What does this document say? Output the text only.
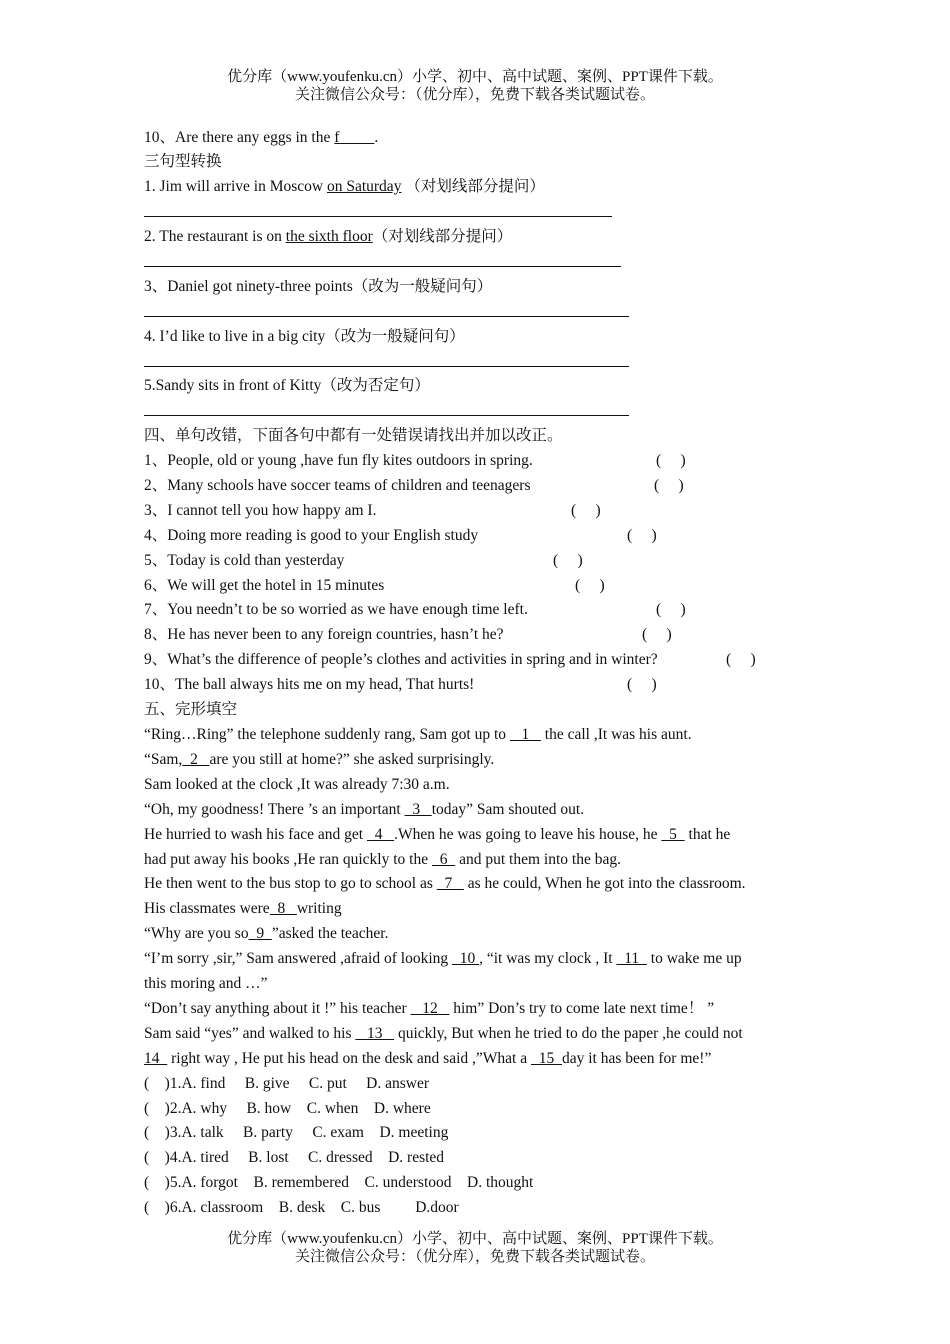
优分库（www.youfenku.cn）小学、初中、高中试题、案例、PPT课件下载。
关注微信公众号：（优分库），免费下载各类试题试卷。
10、Are there any eggs in the f　　 .
三句型转换
1. Jim will arrive in Moscow on Saturday （对划线部分提问）
2. The restaurant is on the sixth floor（对划线部分提问）
3、Daniel got ninety-three points（改为一般疑问句）
4. I’d like to live in a big city（改为一般疑问句）
5.Sandy sits in front of Kitty（改为否定句）
四、单句改错，下面各句中都有一处错误请找出并加以改正。
1、People, old or young ,have fun fly kites outdoors in spring.	(　 )
2、Many schools have soccer teams of children and teenagers	(　 )
3、I cannot tell you how happy am I.	(　 )
4、Doing more reading is good to your English study	(　 )
5、Today is cold than yesterday	(　 )
6、We will get the hotel in 15 minutes	(　 )
7、You needn’t to be so worried as we have enough time left.	(　 )
8、He has never been to any foreign countries, hasn’t he?	(　 )
9、What’s the difference of people’s clothes and activities in spring and in winter?	(　 )
10、The ball always hits me on my head, That hurts!	(　 )
五、完形填空
“Ring…Ring” the telephone suddenly rang, Sam got up to    1    the call ,It was his aunt.
“Sam,  2   are you still at home?” she asked surprisingly.
Sam looked at the clock ,It was already 7:30 a.m.
“Oh, my goodness! There ’s an important   3   today” Sam shouted out.
He hurried to wash his face and get   4   .When he was going to leave his house, he   5   that he
had put away his books ,He ran quickly to the   6   and put them into the bag.
He then went to the bus stop to go to school as   7    as he could, When he got into the classroom.
His classmates were  8   writing
“Why are you so  9  ”asked the teacher.
“I’m sorry ,sir,” Sam answered ,afraid of looking   10 , “it was my clock , It   11   to wake me up
this moring and …”
“Don’t say anything about it !” his teacher    12    him” Don’s try to come late next time！ ”
Sam said “yes” and walked to his    13    quickly, But when he tried to do the paper ,he could not
14   right way , He put his head on the desk and said ,”What a   15  day it has been for me!”
(　)1.A. find　 B. give　 C. put　 D. answer
(　)2.A. why　 B. how　C. when　D. where
(　)3.A. talk　 B. party　 C. exam　D. meeting
(　)4.A. tired　 B. lost　 C. dressed　D. rested
(　)5.A. forgot　B. remembered　C. understood　D. thought
(　)6.A. classroom　B. desk　C. bus　　 D.door
优分库（www.youfenku.cn）小学、初中、高中试题、案例、PPT课件下载。
关注微信公众号：（优分库），免费下载各类试题试卷。
